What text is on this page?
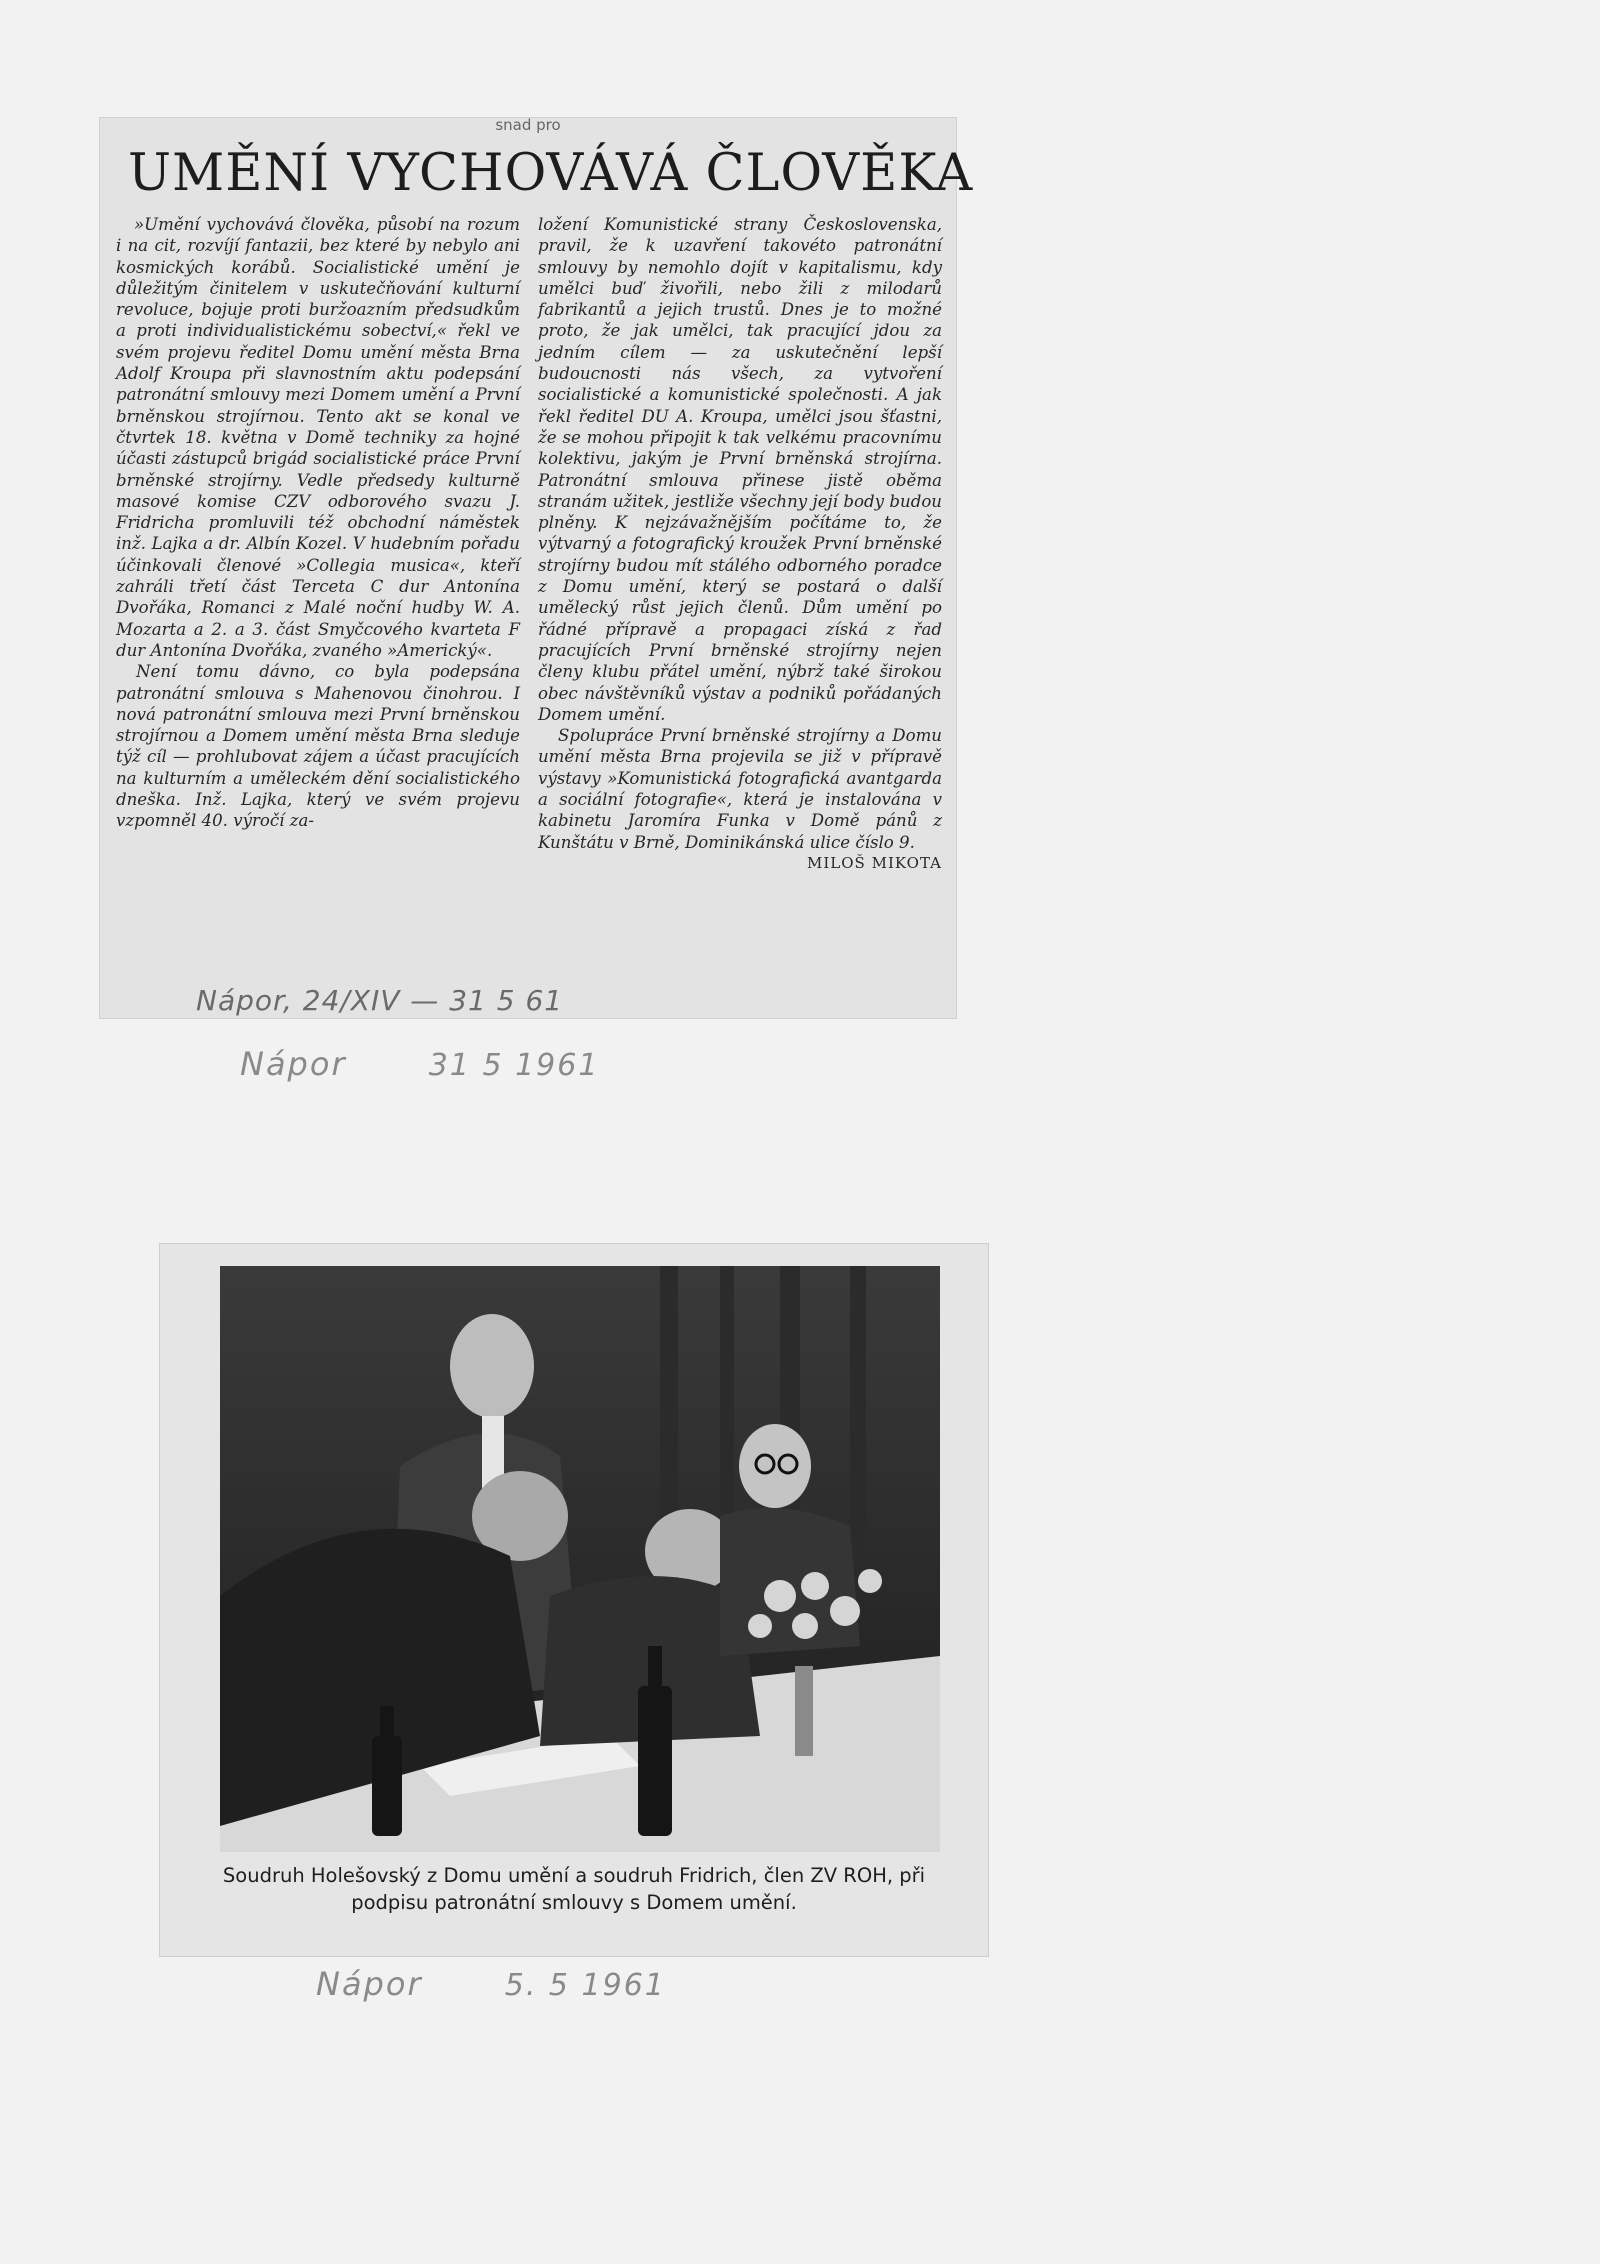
snad pro
UMĚNÍ VYCHOVÁVÁ ČLOVĚKA

»Umění vychovává člověka, působí na rozum i na cit, rozvíjí fantazii, bez které by nebylo ani kosmických korábů. Socialistické umění je důležitým činitelem v uskutečňování kulturní revoluce, bojuje proti buržoazním předsudkům a proti individualistickému sobectví,« řekl ve svém projevu ředitel Domu umění města Brna Adolf Kroupa při slavnostním aktu podepsání patronátní smlouvy mezi Domem umění a První brněnskou strojírnou. Tento akt se konal ve čtvrtek 18. května v Domě techniky za hojné účasti zástupců brigád socialistické práce První brněnské strojírny. Vedle předsedy kulturně masové komise CZV odborového svazu J. Fridricha promluvili též obchodní náměstek inž. Lajka a dr. Albín Kozel. V hudebním pořadu účinkovali členové »Collegia musica«, kteří zahráli třetí část Terceta C dur Antonína Dvořáka, Romanci z Malé noční hudby W. A. Mozarta a 2. a 3. část Smyčcového kvarteta F dur Antonína Dvořáka, zvaného »Americký«.

Není tomu dávno, co byla podepsána patronátní smlouva s Mahenovou činohrou. I nová patronátní smlouva mezi První brněnskou strojírnou a Domem umění města Brna sleduje týž cíl — prohlubovat zájem a účast pracujících na kulturním a uměleckém dění socialistického dneška. Inž. Lajka, který ve svém projevu vzpomněl 40. výročí za-

ložení Komunistické strany Československa, pravil, že k uzavření takovéto patronátní smlouvy by nemohlo dojít v kapitalismu, kdy umělci buď živořili, nebo žili z milodarů fabrikantů a jejich trustů. Dnes je to možné proto, že jak umělci, tak pracující jdou za jedním cílem — za uskutečnění lepší budoucnosti nás všech, za vytvoření socialistické a komunistické společnosti. A jak řekl ředitel DU A. Kroupa, umělci jsou šťastni, že se mohou připojit k tak velkému pracovnímu kolektivu, jakým je První brněnská strojírna. Patronátní smlouva přinese jistě oběma stranám užitek, jestliže všechny její body budou plněny. K nejzávažnějším počítáme to, že výtvarný a fotografický kroužek První brněnské strojírny budou mít stálého odborného poradce z Domu umění, který se postará o další umělecký růst jejich členů. Dům umění po řádné přípravě a propagaci získá z řad pracujících První brněnské strojírny nejen členy klubu přátel umění, nýbrž také širokou obec návštěvníků výstav a podniků pořádaných Domem umění.

Spolupráce První brněnské strojírny a Domu umění města Brna projevila se již v přípravě výstavy »Komunistická fotografická avantgarda a sociální fotografie«, která je instalována v kabinetu Jaromíra Funka v Domě pánů z Kunštátu v Brně, Dominikánská ulice číslo 9.

MILOŠ MIKOTA

Nápor, 24/XIV — 31 5 61
Nápor	31 5 1961

Soudruh Holešovský z Domu umění a soudruh Fridrich, člen ZV ROH, při

podpisu patronátní smlouvy s Domem umění.

Nápor	5. 5 1961
